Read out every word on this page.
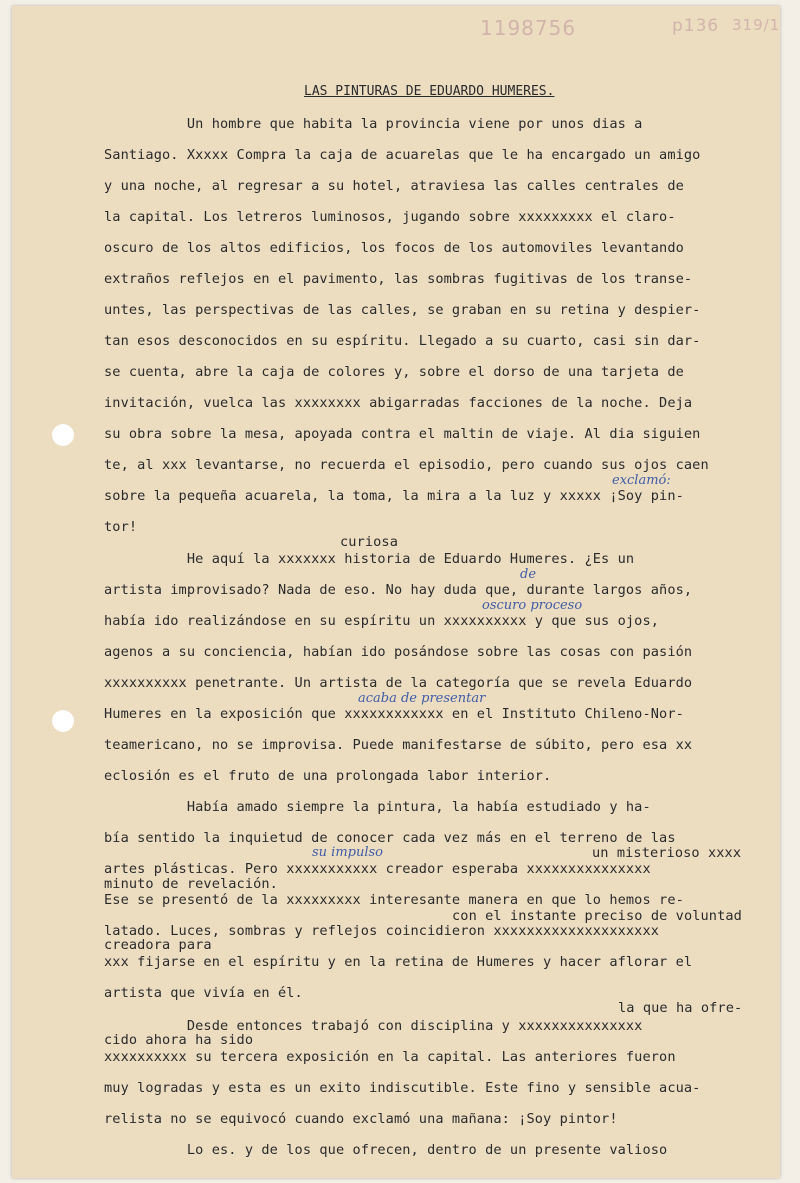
1198756	p136 319/1
LAS PINTURAS DE EDUARDO HUMERES.
Un hombre que habita la provincia viene por unos dias a
Santiago. Xxxxx Compra la caja de acuarelas que le ha encargado un amigo
y una noche, al regresar a su hotel, atraviesa las calles centrales de
la capital. Los letreros luminosos, jugando sobre xxxxxxxxx el claro-
oscuro de los altos edificios, los focos de los automoviles levantando
extraños reflejos en el pavimento, las sombras fugitivas de los transe-
untes, las perspectivas de las calles, se graban en su retina y despier-
tan esos desconocidos en su espíritu. Llegado a su cuarto, casi sin dar-
se cuenta, abre la caja de colores y, sobre el dorso de una tarjeta de
invitación, vuelca las xxxxxxxx abigarradas facciones de la noche. Deja
su obra sobre la mesa, apoyada contra el maltin de viaje. Al dia siguien
te, al xxx levantarse, no recuerda el episodio, pero cuando sus ojos caen
sobre la pequeña acuarela, la toma, la mira a la luz y xxxxx ¡Soy pin-
tor!
He aquí la xxxxxxx historia de Eduardo Humeres. ¿Es un
artista improvisado? Nada de eso. No hay duda que, durante largos años,
había ido realizándose en su espíritu un xxxxxxxxxx y que sus ojos,
agenos a su conciencia, habían ido posándose sobre las cosas con pasión
xxxxxxxxxx penetrante. Un artista de la categoría que se revela Eduardo
Humeres en la exposición que xxxxxxxxxxxx en el Instituto Chileno-Nor-
teamericano, no se improvisa. Puede manifestarse de súbito, pero esa xx
eclosión es el fruto de una prolongada labor interior.
Había amado siempre la pintura, la había estudiado y ha-
bía sentido la inquietud de conocer cada vez más en el terreno de las
artes plásticas. Pero xxxxxxxxxxx creador esperaba xxxxxxxxxxxxxxx
Ese se presentó de la xxxxxxxxx interesante manera en que lo hemos re-
latado. Luces, sombras y reflejos coincidieron xxxxxxxxxxxxxxxxxxxx
xxx fijarse en el espíritu y en la retina de Humeres y hacer aflorar el
artista que vivía en él.
Desde entonces trabajó con disciplina y xxxxxxxxxxxxxxx
xxxxxxxxxx su tercera exposición en la capital. Las anteriores fueron
muy logradas y esta es un exito indiscutible. Este fino y sensible acua-
relista no se equivocó cuando exclamó una mañana: ¡Soy pintor!
Lo es. y de los que ofrecen, dentro de un presente valioso
curiosa
un misterioso xxxx
minuto de revelación.
con el instante preciso de voluntad
creadora para
la que ha ofre-
cido ahora ha sido
exclamó:
de
oscuro proceso
acaba de presentar
su impulso
